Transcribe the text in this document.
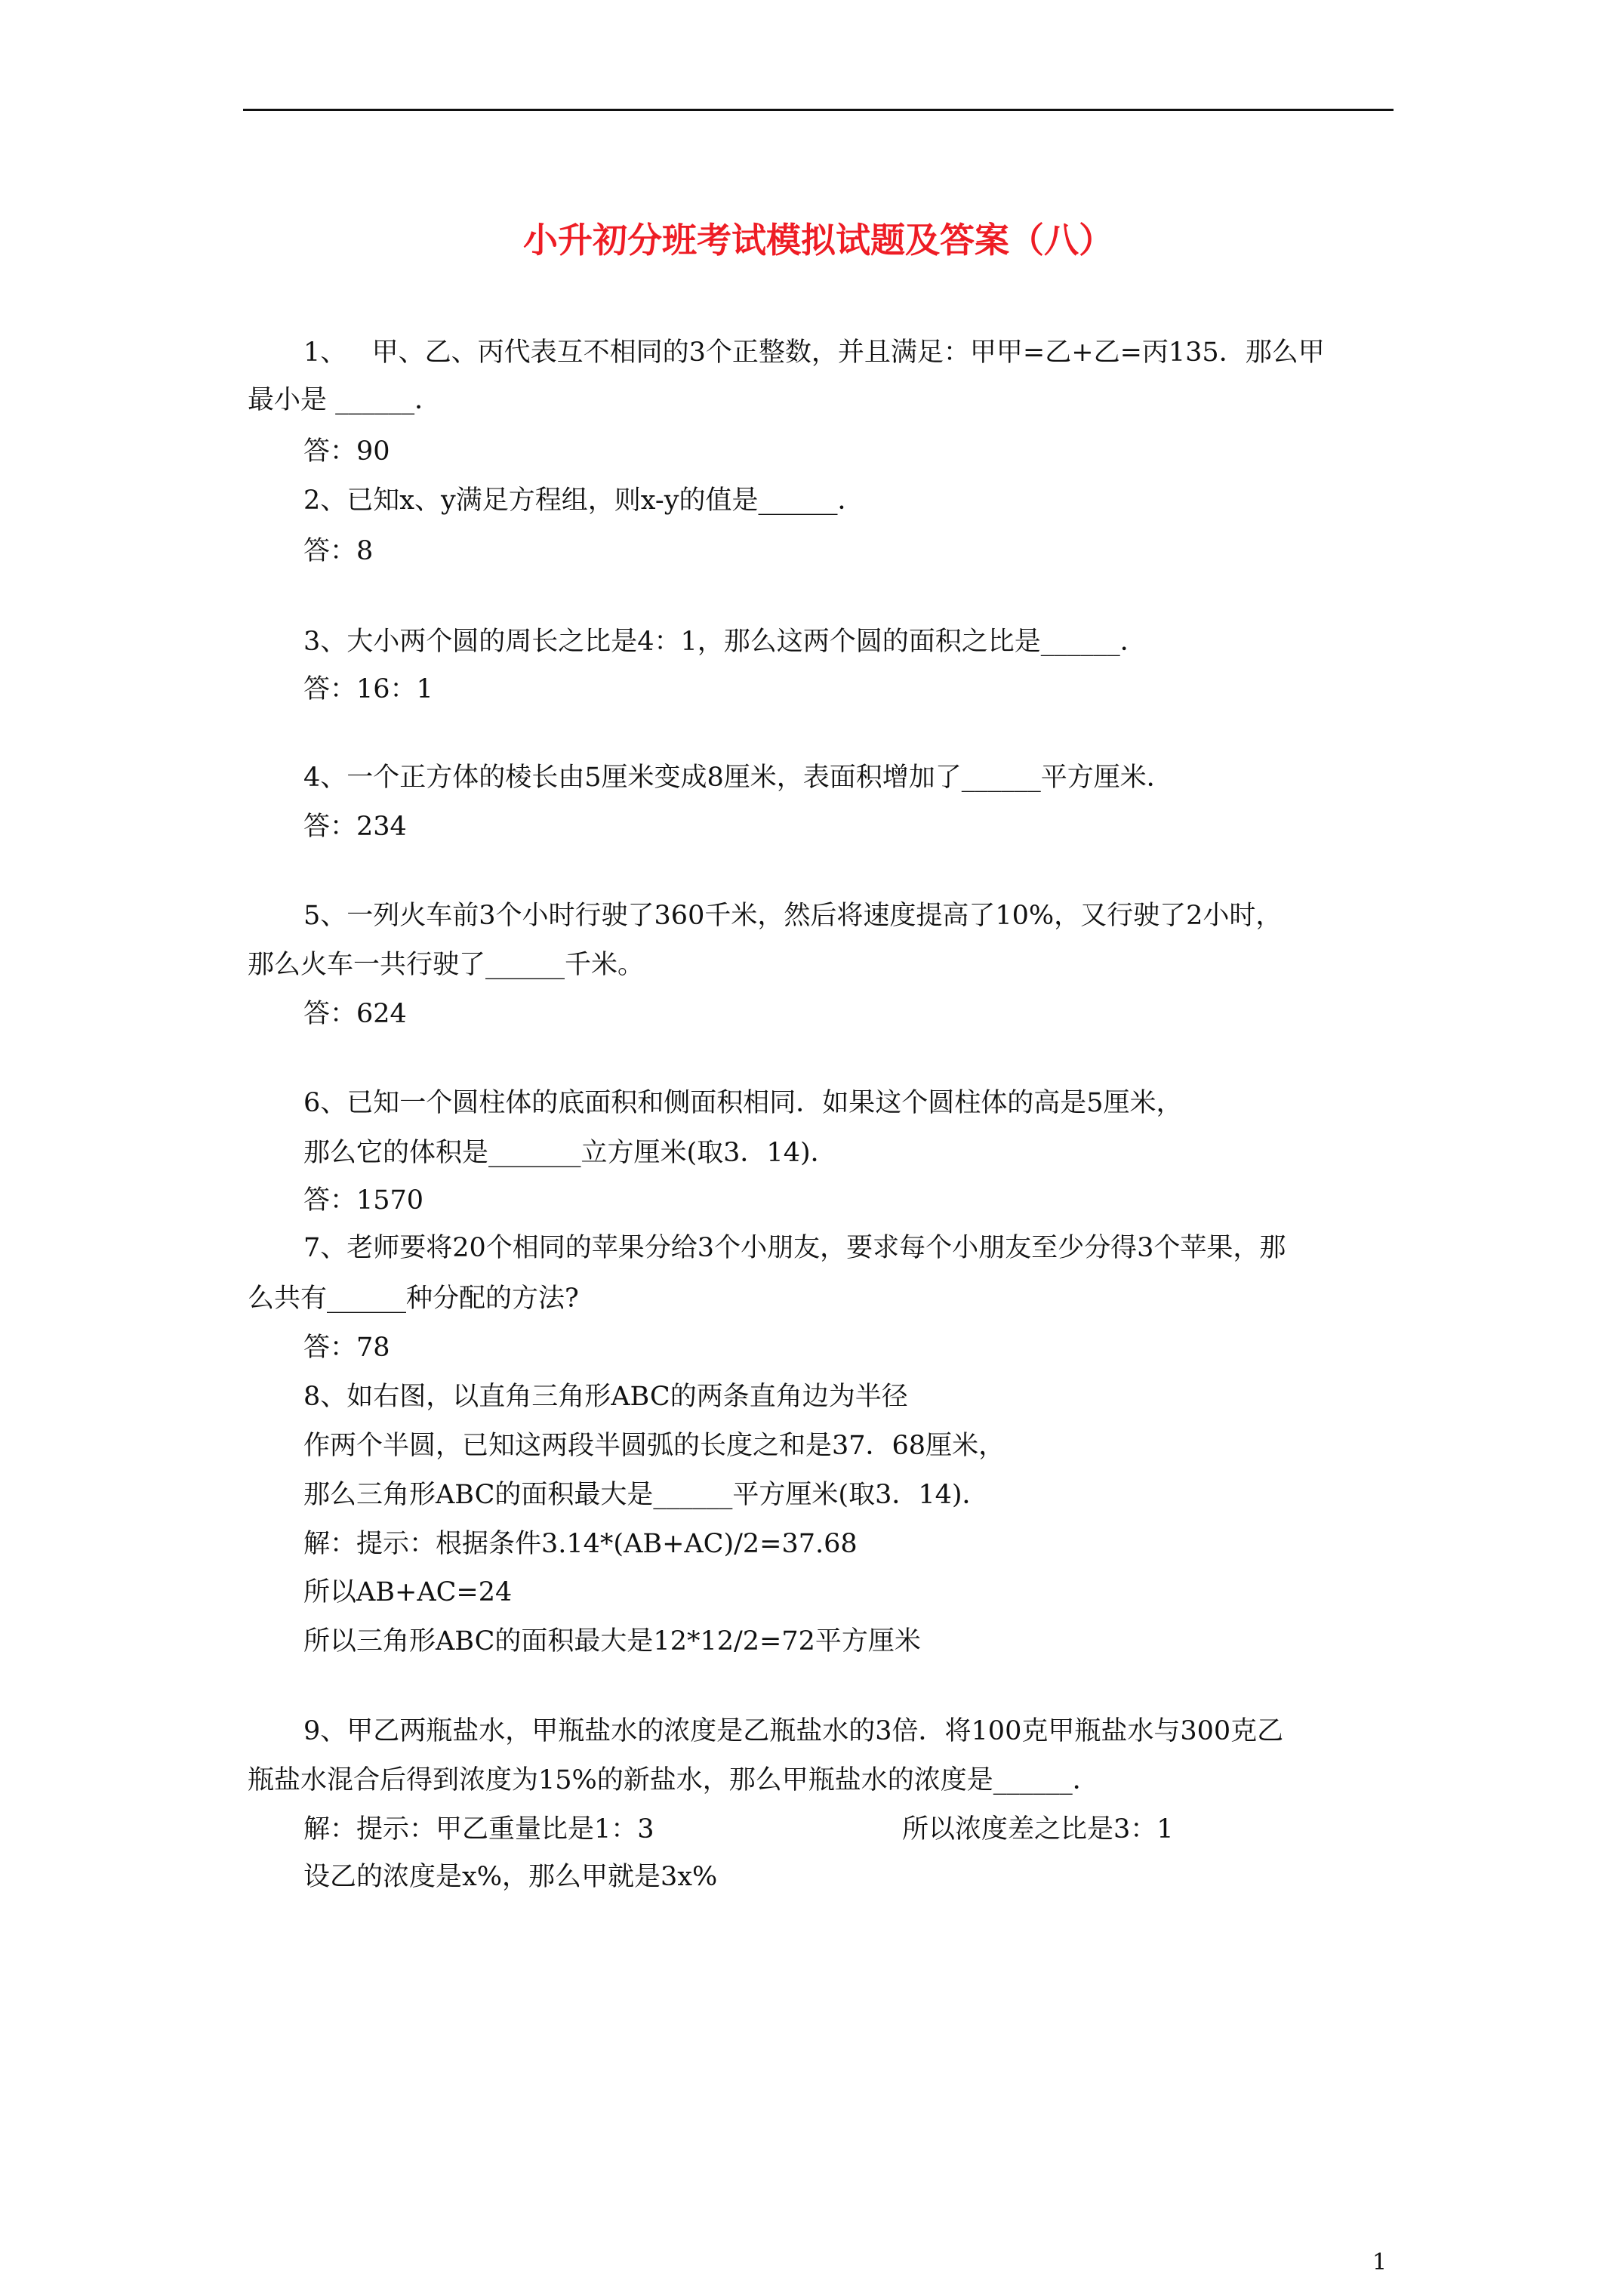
小升初分班考试模拟试题及答案（八）
1、   甲、乙、丙代表互不相同的3个正整数，并且满足：甲甲=乙+乙=丙135．那么甲
最小是 ______．
答：90
2、已知x、y满足方程组，则x-y的值是______．
答：8
3、大小两个圆的周长之比是4：1，那么这两个圆的面积之比是______．
答：16：1
4、一个正方体的棱长由5厘米变成8厘米，表面积增加了______平方厘米．
答：234
5、一列火车前3个小时行驶了360千米，然后将速度提高了10%，又行驶了2小时，
那么火车一共行驶了______千米。
答：624
6、已知一个圆柱体的底面积和侧面积相同．如果这个圆柱体的高是5厘米，
那么它的体积是_______立方厘米(取3．14)．
答：1570
7、老师要将20个相同的苹果分给3个小朋友，要求每个小朋友至少分得3个苹果，那
么共有______种分配的方法?
答：78
8、如右图，以直角三角形ABC的两条直角边为半径
作两个半圆，已知这两段半圆弧的长度之和是37．68厘米，
那么三角形ABC的面积最大是______平方厘米(取3．14)．
解：提示：根据条件3.14*(AB+AC)/2=37.68
所以AB+AC=24
所以三角形ABC的面积最大是12*12/2=72平方厘米
9、甲乙两瓶盐水，甲瓶盐水的浓度是乙瓶盐水的3倍．将100克甲瓶盐水与300克乙
瓶盐水混合后得到浓度为15%的新盐水，那么甲瓶盐水的浓度是______．
解：提示：甲乙重量比是1：3	所以浓度差之比是3：1
设乙的浓度是x%，那么甲就是3x%
1
